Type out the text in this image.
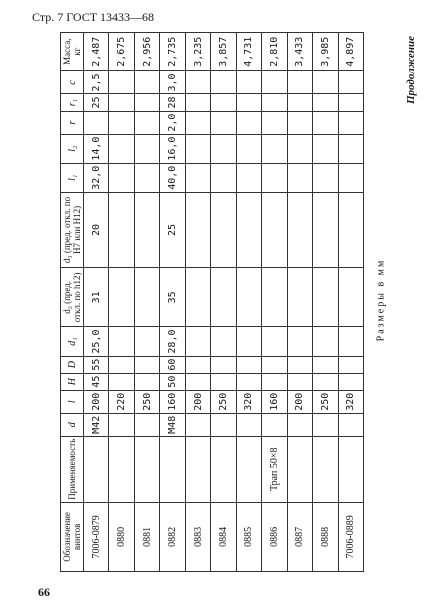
Стр. 7 ГОСТ 13433—68
Продолжение
Размеры в мм
Обозначение винтов	Применяемость	d	l	H	D	d₁	d₂ (пред. откл. по h12)	d₃ (пред. откл. по H7 или H12)	l₁	l₂	r	r₁	c	Масса, кг
7006-0879		М42	200	45	55	25,0	31	20	32,0	14,0		25	2,5	2,487
0880			220											2,675
0881			250											2,956
0882		М48	160	50	60	28,0	35	25	40,0	16,0	2,0	28	3,0	2,735
0883			200											3,235
0884			250											3,857
0885			320											4,731
0886	Трап 50×8		160											2,810
0887			200											3,433
0888			250											3,985
7006-0889			320											4,897
66
